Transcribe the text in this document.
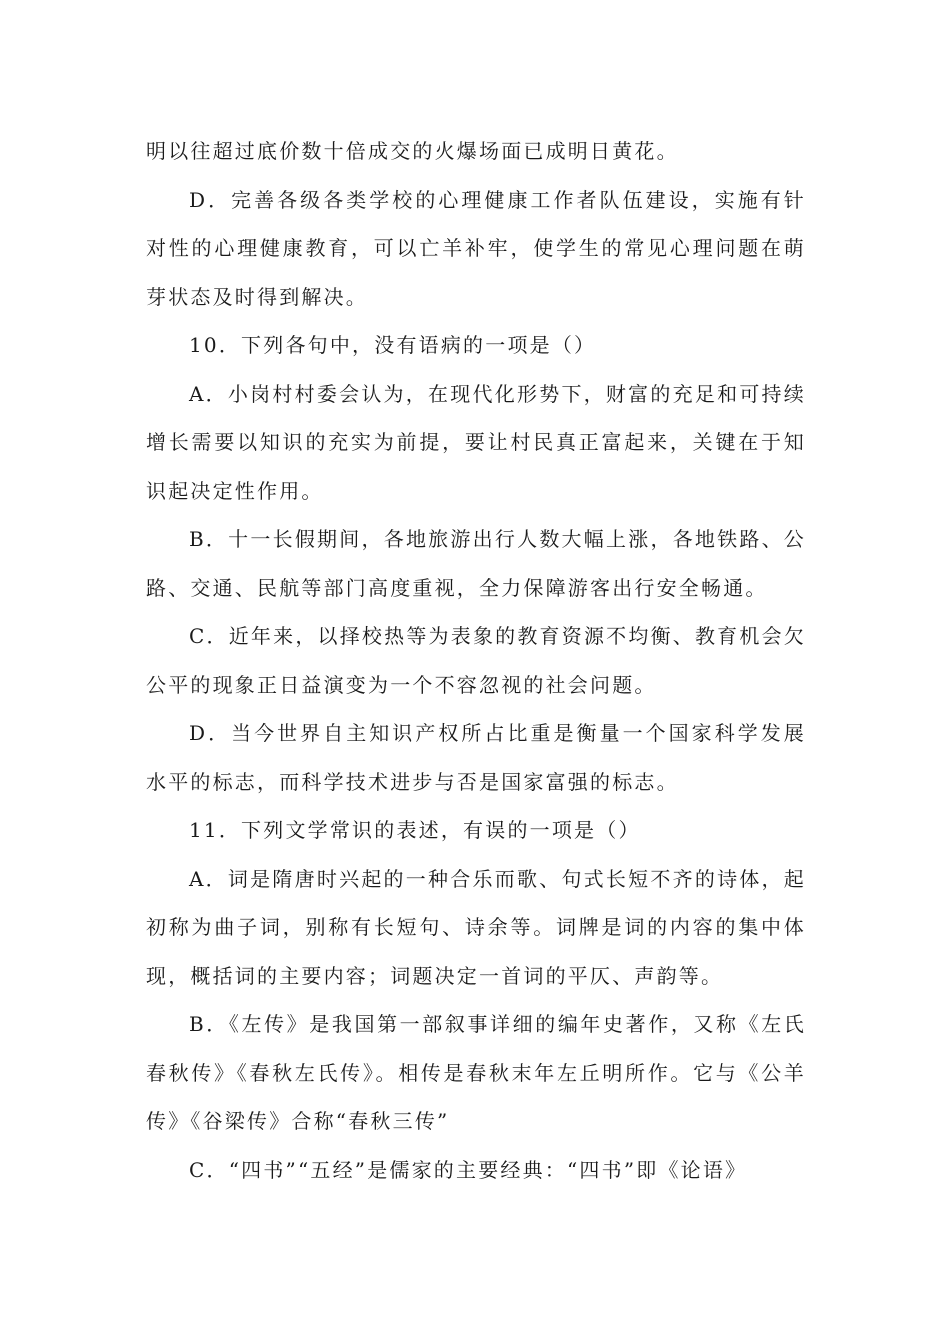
明以往超过底价数十倍成交的火爆场面已成明日黄花。

D．完善各级各类学校的心理健康工作者队伍建设，实施有针对性的心理健康教育，可以亡羊补牢，使学生的常见心理问题在萌芽状态及时得到解决。

10．下列各句中，没有语病的一项是（）

A．小岗村村委会认为，在现代化形势下，财富的充足和可持续增长需要以知识的充实为前提，要让村民真正富起来，关键在于知识起决定性作用。

B．十一长假期间，各地旅游出行人数大幅上涨，各地铁路、公路、交通、民航等部门高度重视，全力保障游客出行安全畅通。

C．近年来，以择校热等为表象的教育资源不均衡、教育机会欠公平的现象正日益演变为一个不容忽视的社会问题。

D．当今世界自主知识产权所占比重是衡量一个国家科学发展水平的标志，而科学技术进步与否是国家富强的标志。

11．下列文学常识的表述，有误的一项是（）

A．词是隋唐时兴起的一种合乐而歌、句式长短不齐的诗体，起初称为曲子词，别称有长短句、诗余等。词牌是词的内容的集中体现，概括词的主要内容；词题决定一首词的平仄、声韵等。

B．《左传》是我国第一部叙事详细的编年史著作，又称《左氏春秋传》《春秋左氏传》。相传是春秋末年左丘明所作。它与《公羊传》《谷梁传》合称“春秋三传”

C．“四书”“五经”是儒家的主要经典：“四书”即《论语》
